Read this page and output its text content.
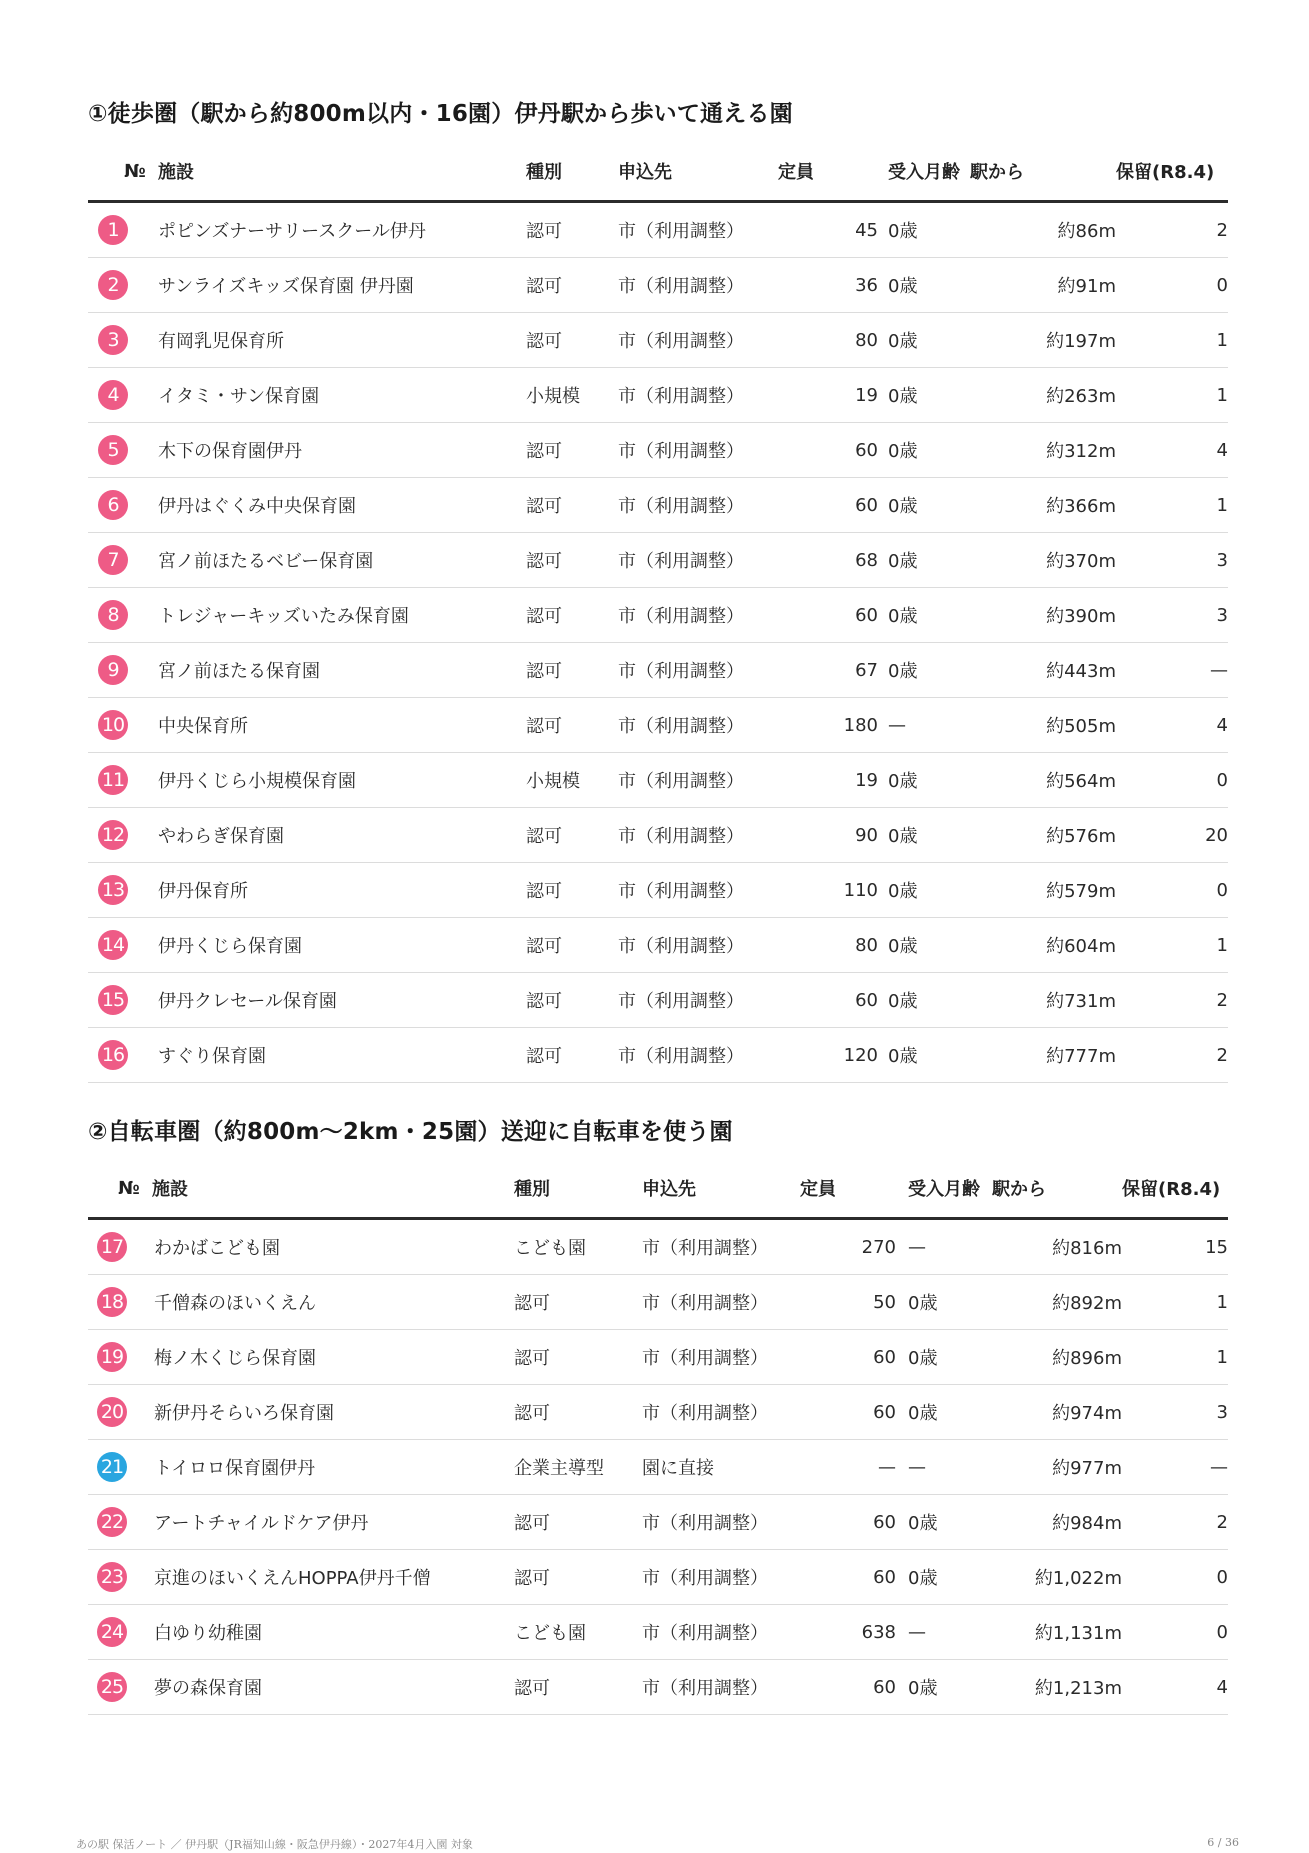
①徒歩圏（駅から約800m以内・16園）伊丹駅から歩いて通える園
№	施設	種別	申込先	定員	受入月齢	駅から	保留(R8.4)
1	ポピンズナーサリースクール伊丹	認可	市（利用調整）	45	0歳	約86m	2
2	サンライズキッズ保育園 伊丹園	認可	市（利用調整）	36	0歳	約91m	0
3	有岡乳児保育所	認可	市（利用調整）	80	0歳	約197m	1
4	イタミ・サン保育園	小規模	市（利用調整）	19	0歳	約263m	1
5	木下の保育園伊丹	認可	市（利用調整）	60	0歳	約312m	4
6	伊丹はぐくみ中央保育園	認可	市（利用調整）	60	0歳	約366m	1
7	宮ノ前ほたるベビー保育園	認可	市（利用調整）	68	0歳	約370m	3
8	トレジャーキッズいたみ保育園	認可	市（利用調整）	60	0歳	約390m	3
9	宮ノ前ほたる保育園	認可	市（利用調整）	67	0歳	約443m	—
10	中央保育所	認可	市（利用調整）	180	—	約505m	4
11	伊丹くじら小規模保育園	小規模	市（利用調整）	19	0歳	約564m	0
12	やわらぎ保育園	認可	市（利用調整）	90	0歳	約576m	20
13	伊丹保育所	認可	市（利用調整）	110	0歳	約579m	0
14	伊丹くじら保育園	認可	市（利用調整）	80	0歳	約604m	1
15	伊丹クレセール保育園	認可	市（利用調整）	60	0歳	約731m	2
16	すぐり保育園	認可	市（利用調整）	120	0歳	約777m	2
②自転車圏（約800m〜2km・25園）送迎に自転車を使う園
№	施設	種別	申込先	定員	受入月齢	駅から	保留(R8.4)
17	わかばこども園	こども園	市（利用調整）	270	—	約816m	15
18	千僧森のほいくえん	認可	市（利用調整）	50	0歳	約892m	1
19	梅ノ木くじら保育園	認可	市（利用調整）	60	0歳	約896m	1
20	新伊丹そらいろ保育園	認可	市（利用調整）	60	0歳	約974m	3
21	トイロロ保育園伊丹	企業主導型	園に直接	—	—	約977m	—
22	アートチャイルドケア伊丹	認可	市（利用調整）	60	0歳	約984m	2
23	京進のほいくえんHOPPA伊丹千僧	認可	市（利用調整）	60	0歳	約1,022m	0
24	白ゆり幼稚園	こども園	市（利用調整）	638	—	約1,131m	0
25	夢の森保育園	認可	市（利用調整）	60	0歳	約1,213m	4
あの駅 保活ノート ／ 伊丹駅（JR福知山線・阪急伊丹線）・2027年4月入園 対象	6 / 36
